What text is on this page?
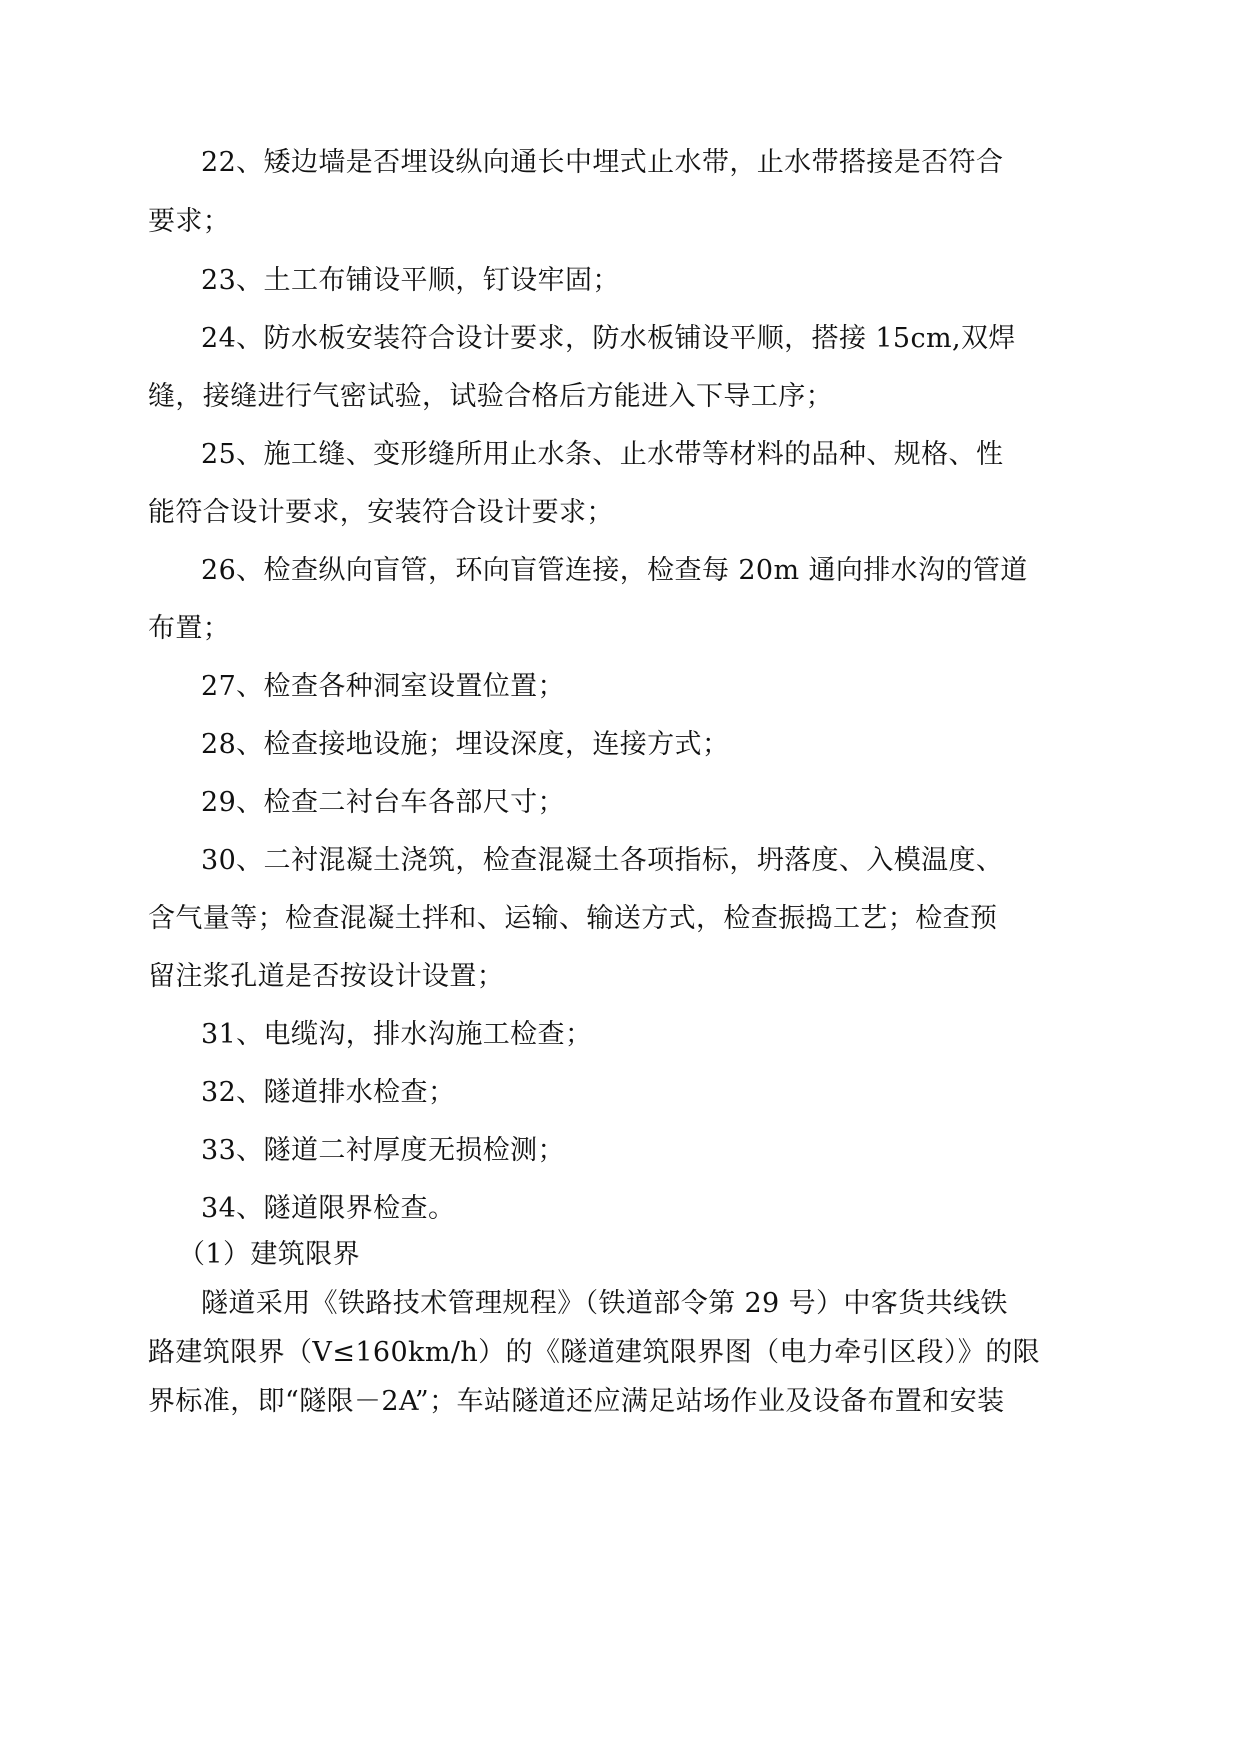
22、矮边墙是否埋设纵向通长中埋式止水带，止水带搭接是否符合
要求；
23、土工布铺设平顺，钉设牢固；
24、防水板安装符合设计要求，防水板铺设平顺，搭接 15cm,双焊
缝，接缝进行气密试验，试验合格后方能进入下导工序；
25、施工缝、变形缝所用止水条、止水带等材料的品种、规格、性
能符合设计要求，安装符合设计要求；
26、检查纵向盲管，环向盲管连接，检查每 20m 通向排水沟的管道
布置；
27、检查各种洞室设置位置；
28、检查接地设施；埋设深度，连接方式；
29、检查二衬台车各部尺寸；
30、二衬混凝土浇筑，检查混凝土各项指标，坍落度、入模温度、
含气量等；检查混凝土拌和、运输、输送方式，检查振捣工艺；检查预
留注浆孔道是否按设计设置；
31、电缆沟，排水沟施工检查；
32、隧道排水检查；
33、隧道二衬厚度无损检测；
34、隧道限界检查。
（1）建筑限界
隧道采用《铁路技术管理规程》（铁道部令第 29 号）中客货共线铁
路建筑限界（V≤160km/h）的《隧道建筑限界图（电力牵引区段）》的限
界标准，即“隧限－2A”；车站隧道还应满足站场作业及设备布置和安装
